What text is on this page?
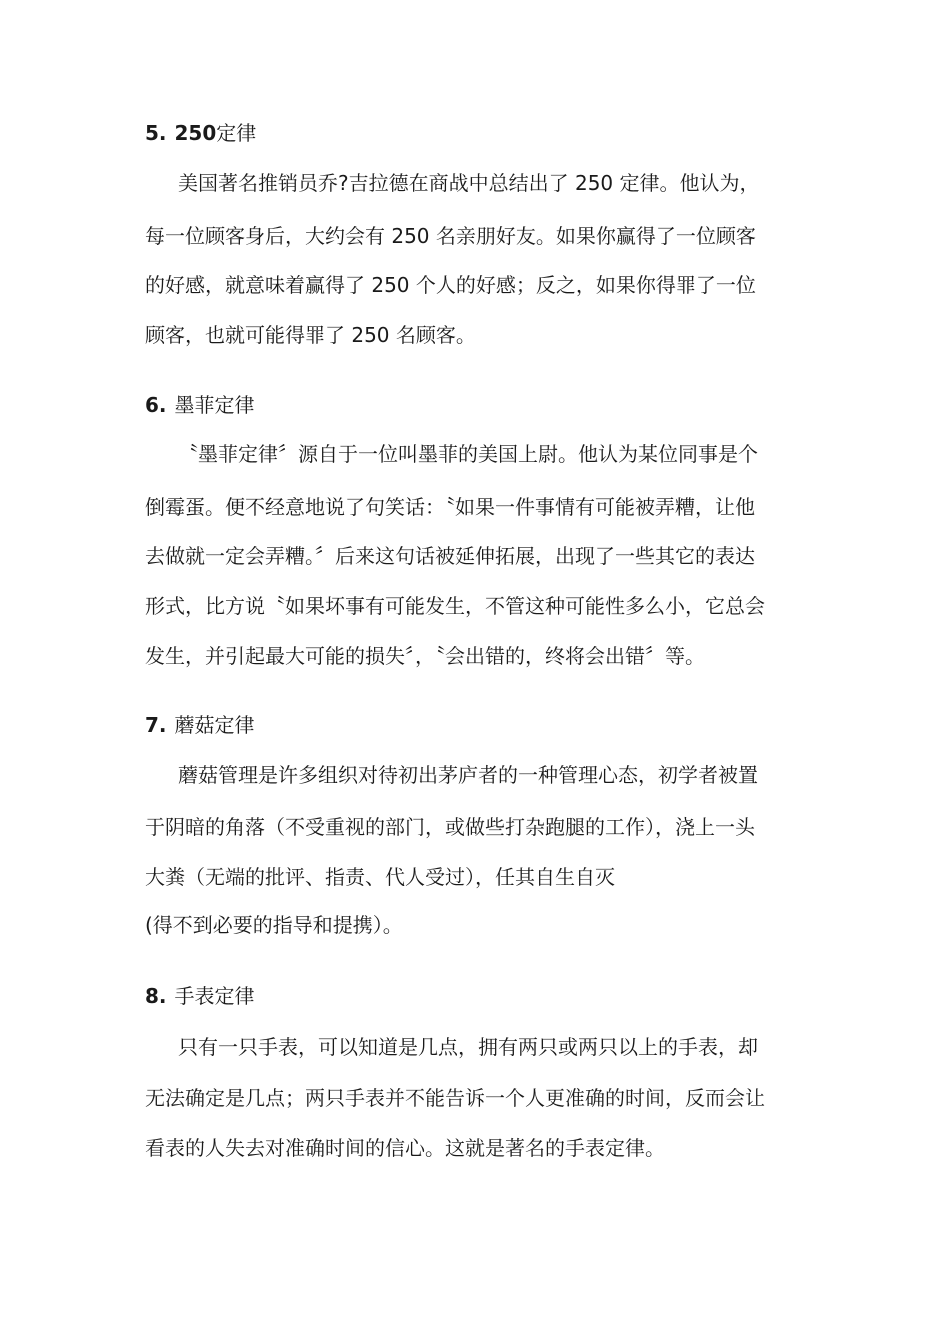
5. 250定律
美国著名推销员乔?吉拉德在商战中总结出了 250 定律。他认为，
每一位顾客身后，大约会有 250 名亲朋好友。如果你赢得了一位顾客
的好感，就意味着赢得了 250 个人的好感；反之，如果你得罪了一位
顾客，也就可能得罪了 250 名顾客。
6. 墨菲定律
〝墨菲定律〞源自于一位叫墨菲的美国上尉。他认为某位同事是个
倒霉蛋。便不经意地说了句笑话：〝如果一件事情有可能被弄糟，让他
去做就一定会弄糟。〞后来这句话被延伸拓展，出现了一些其它的表达
形式，比方说〝如果坏事有可能发生，不管这种可能性多么小，它总会
发生，并引起最大可能的损失〞，〝会出错的，终将会出错〞等。
7. 蘑菇定律
蘑菇管理是许多组织对待初出茅庐者的一种管理心态，初学者被置
于阴暗的角落（不受重视的部门，或做些打杂跑腿的工作），浇上一头
大粪（无端的批评、指责、代人受过），任其自生自灭
(得不到必要的指导和提携）。
8. 手表定律
只有一只手表，可以知道是几点，拥有两只或两只以上的手表，却
无法确定是几点；两只手表并不能告诉一个人更准确的时间，反而会让
看表的人失去对准确时间的信心。这就是著名的手表定律。
